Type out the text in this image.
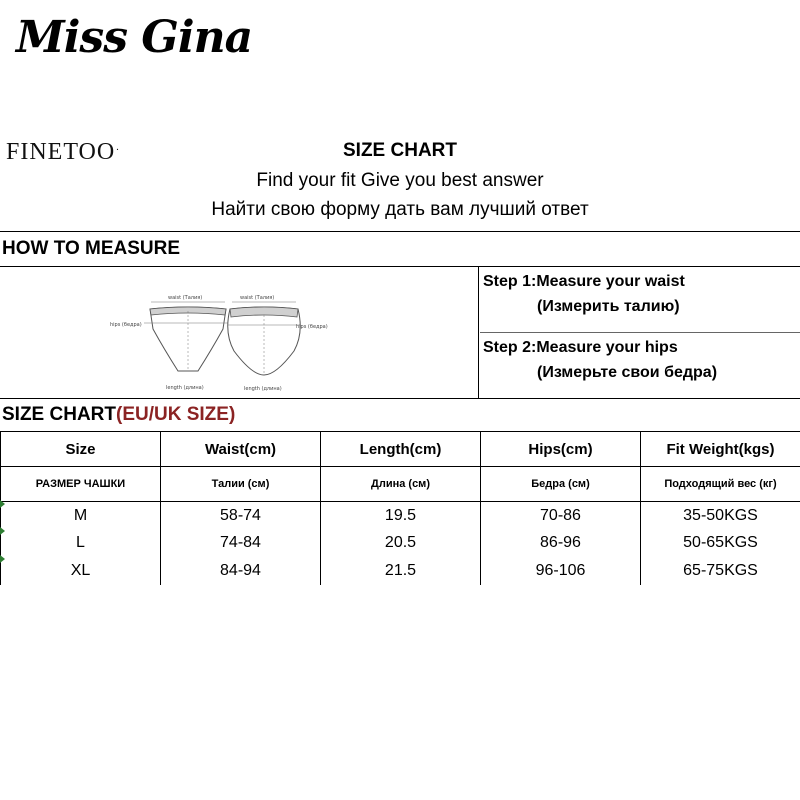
Miss Gina
FINETOO.	SIZE CHART
Find your fit Give you best answer
Найти свою форму дать вам лучший ответ
HOW TO MEASURE
waist (Талия)
hips (бедра)
length (длина)
waist (Талия)
hips (бедра)
length (длина)
Step 1:Measure your waist
(Измерить талию)
Step 2:Measure your hips
(Измерьте свои бедра)
SIZE CHART(EU/UK SIZE)
Size	Waist(cm)	Length(cm)	Hips(cm)	Fit Weight(kgs)
РАЗМЕР ЧАШКИ	Талии (см)	Длина (см)	Бедра (см)	Подходящий вес (кг)
M	58-74	19.5	70-86	35-50KGS
L	74-84	20.5	86-96	50-65KGS
XL	84-94	21.5	96-106	65-75KGS
